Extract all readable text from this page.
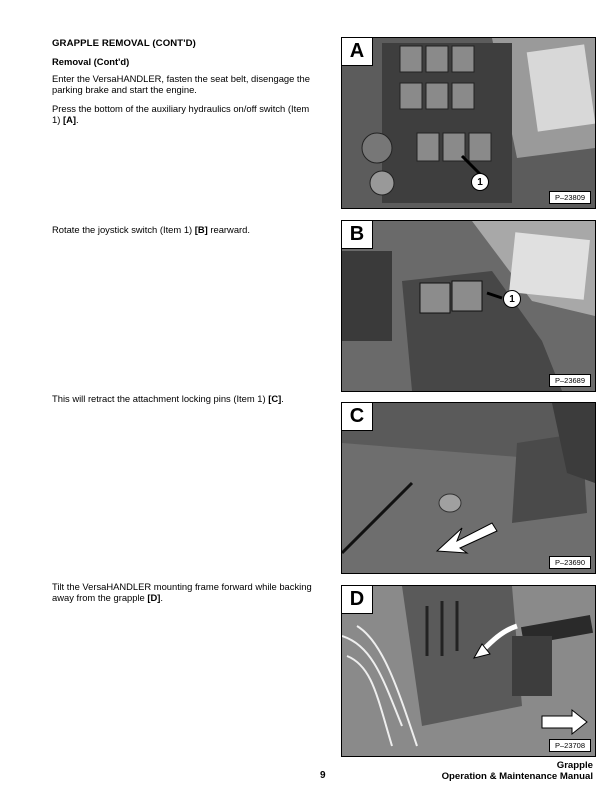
GRAPPLE REMOVAL (CONT'D)
Removal (Cont'd)
Enter the VersaHANDLER, fasten the seat belt, disengage the parking brake and start the engine.
Press the bottom of the auxiliary hydraulics on/off switch (Item 1) [A].
Rotate the joystick switch (Item 1) [B] rearward.
This will retract the attachment locking pins (Item 1) [C].
Tilt the VersaHANDLER mounting frame forward while backing away from the grapple [D].
A
1
P–23809
B
1
P–23689
C
P–23690
D
P–23708
9
Grapple
Operation & Maintenance Manual
